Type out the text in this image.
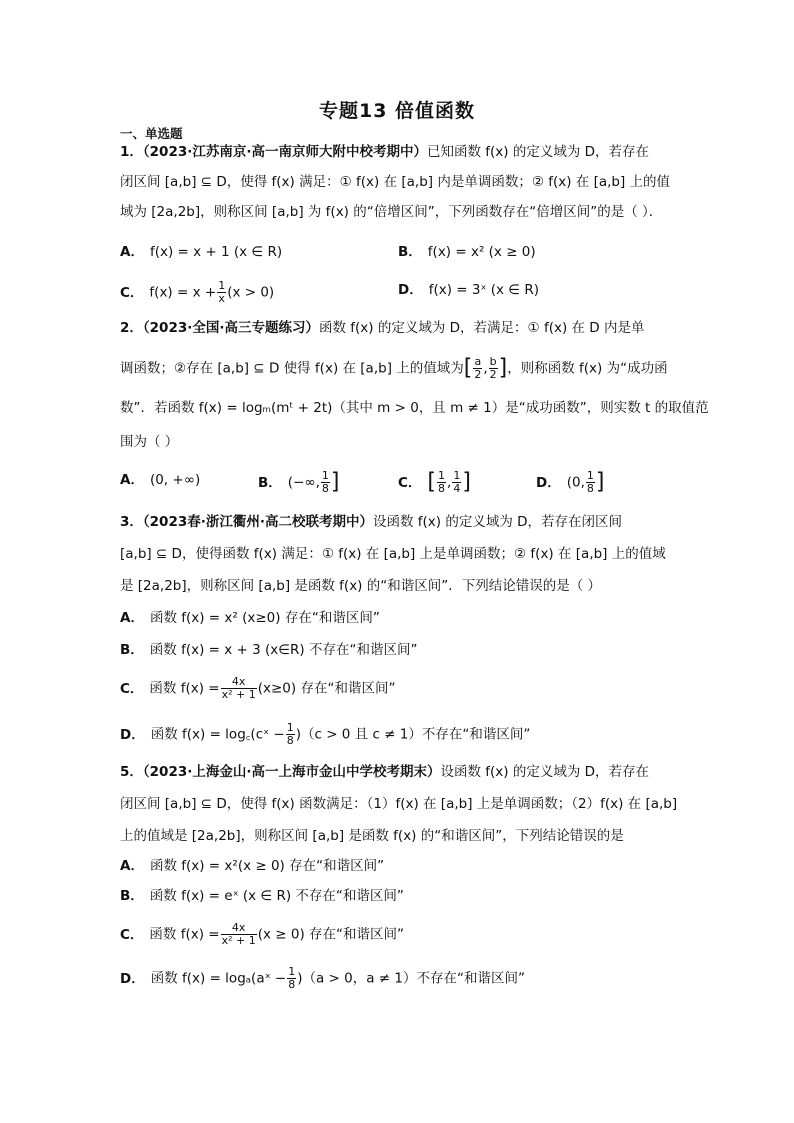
专题13 倍值函数
一、单选题
1．（2023·江苏南京·高一南京师大附中校考期中）已知函数 f(x) 的定义域为 D，若存在
闭区间 [a,b] ⊆ D，使得 f(x) 满足：① f(x) 在 [a,b] 内是单调函数；② f(x) 在 [a,b] 上的值
域为 [2a,2b]，则称区间 [a,b] 为 f(x) 的“倍增区间”，下列函数存在“倍增区间”的是（ ）．
A． f(x) = x + 1 (x ∈ R)	B． f(x) = x² (x ≥ 0)
C． $f(x) = x + \frac{1}{x} (x > 0)$	D． f(x) = 3ˣ (x ∈ R)
2．（2023·全国·高三专题练习）函数 f(x) 的定义域为 D，若满足：① f(x) 在 D 内是单
调函数；②存在 [a,b] ⊆ D 使得 f(x) 在 [a,b] 上的值域为[ $\frac{a}{2}$ , $\frac{b}{2}$ ]，则称函数 f(x) 为“成功函
数”．若函数 f(x) = logₘ(mᵗ + 2t)（其中 m > 0，且 m ≠ 1）是“成功函数”，则实数 t 的取值范
围为（ ）
A． (0, +∞)	B． (−∞, $\frac{1}{8}$ ]	C． [ $\frac{1}{8}$ , $\frac{1}{4}$ ]	D． (0, $\frac{1}{8}$ ]
3．（2023春·浙江衢州·高二校联考期中）设函数 f(x) 的定义域为 D，若存在闭区间
[a,b] ⊆ D，使得函数 f(x) 满足：① f(x) 在 [a,b] 上是单调函数；② f(x) 在 [a,b] 上的值域
是 [2a,2b]，则称区间 [a,b] 是函数 f(x) 的“和谐区间”．下列结论错误的是（ ）
A． 函数 f(x) = x² (x≥0) 存在“和谐区间”
B． 函数 f(x) = x + 3 (x∈R) 不存在“和谐区间”
C． 函数 $f(x) = \frac{4x}{\text{x² + 1}} (x\ge 0)$ 存在“和谐区间”
D． 函数 f(x) = log꜀(cˣ − $\frac{1}{8} )(c > 0$ 且 c ≠ 1）不存在“和谐区间”
5．（2023·上海金山·高一上海市金山中学校考期末）设函数 f(x) 的定义域为 D，若存在
闭区间 [a,b] ⊆ D，使得 f(x) 函数满足：（1）f(x) 在 [a,b] 上是单调函数；（2）f(x) 在 [a,b]
上的值域是 [2a,2b]，则称区间 [a,b] 是函数 f(x) 的“和谐区间”，下列结论错误的是
A． 函数 f(x) = x²(x ≥ 0) 存在“和谐区间”
B． 函数 f(x) = eˣ (x ∈ R) 不存在“和谐区间”
C． 函数 $f(x) = \frac{4x}{\text{x² + 1}} (x \ge 0)$ 存在“和谐区间”
D． 函数 f(x) = logₐ(aˣ − $\frac{1}{8} )(a > 0$，a ≠ 1）不存在“和谐区间”
